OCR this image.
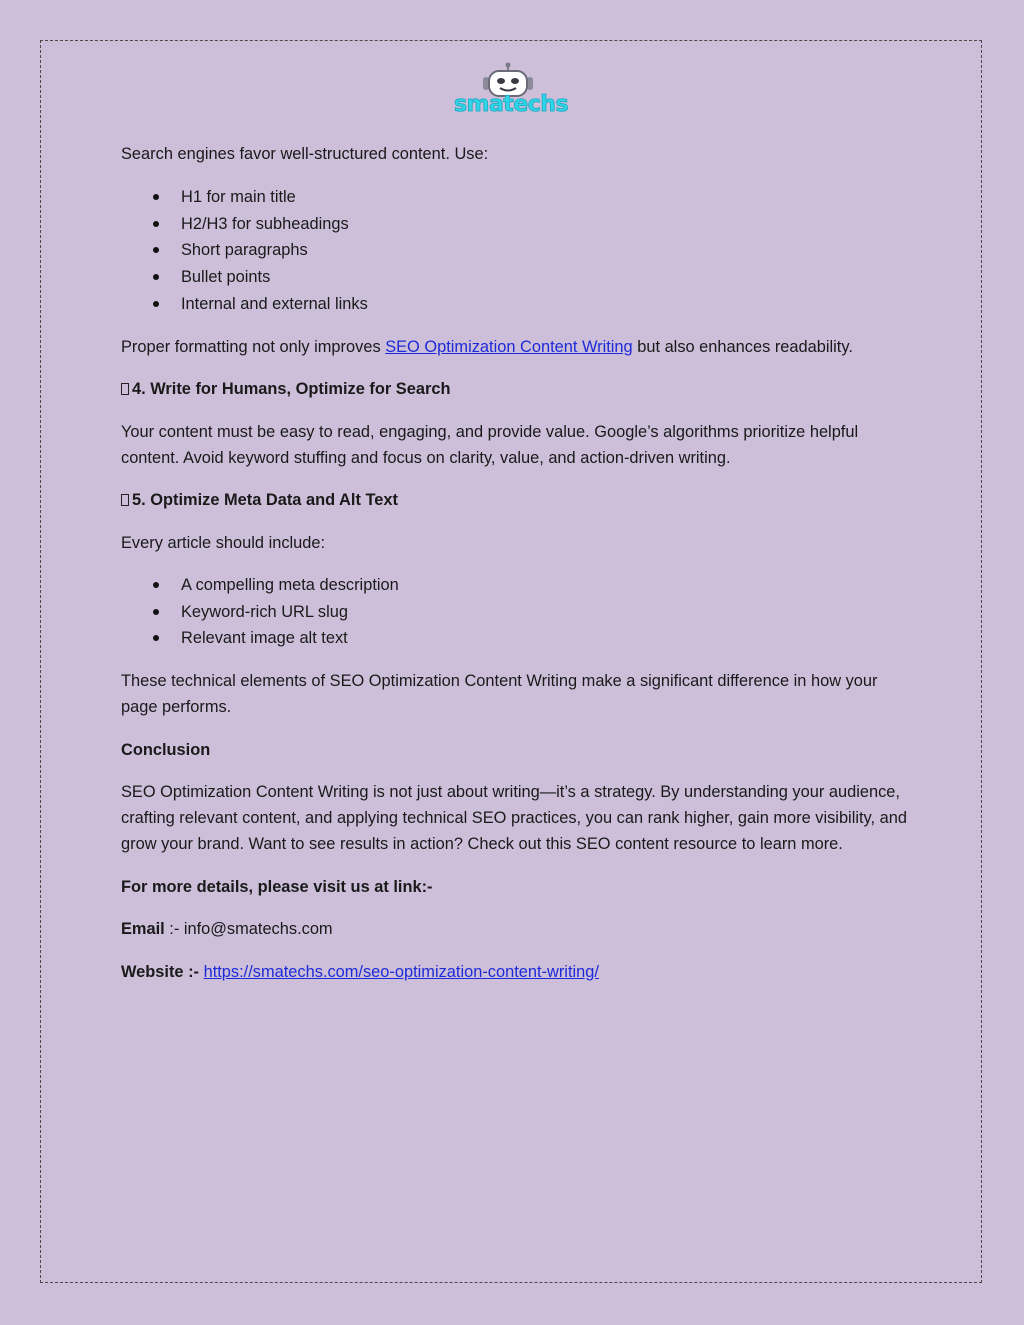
smatechs

Search engines favor well-structured content. Use:

H1 for main title
H2/H3 for subheadings
Short paragraphs
Bullet points
Internal and external links

Proper formatting not only improves SEO Optimization Content Writing but also enhances readability.

4. Write for Humans, Optimize for Search

Your content must be easy to read, engaging, and provide value. Google’s algorithms prioritize helpful content. Avoid keyword stuffing and focus on clarity, value, and action-driven writing.

5. Optimize Meta Data and Alt Text

Every article should include:

A compelling meta description
Keyword-rich URL slug
Relevant image alt text

These technical elements of SEO Optimization Content Writing make a significant difference in how your page performs.

Conclusion

SEO Optimization Content Writing is not just about writing—it’s a strategy. By understanding your audience, crafting relevant content, and applying technical SEO practices, you can rank higher, gain more visibility, and grow your brand. Want to see results in action? Check out this SEO content resource to learn more.

For more details, please visit us at link:-

Email :- info@smatechs.com

Website :- https://smatechs.com/seo-optimization-content-writing/
